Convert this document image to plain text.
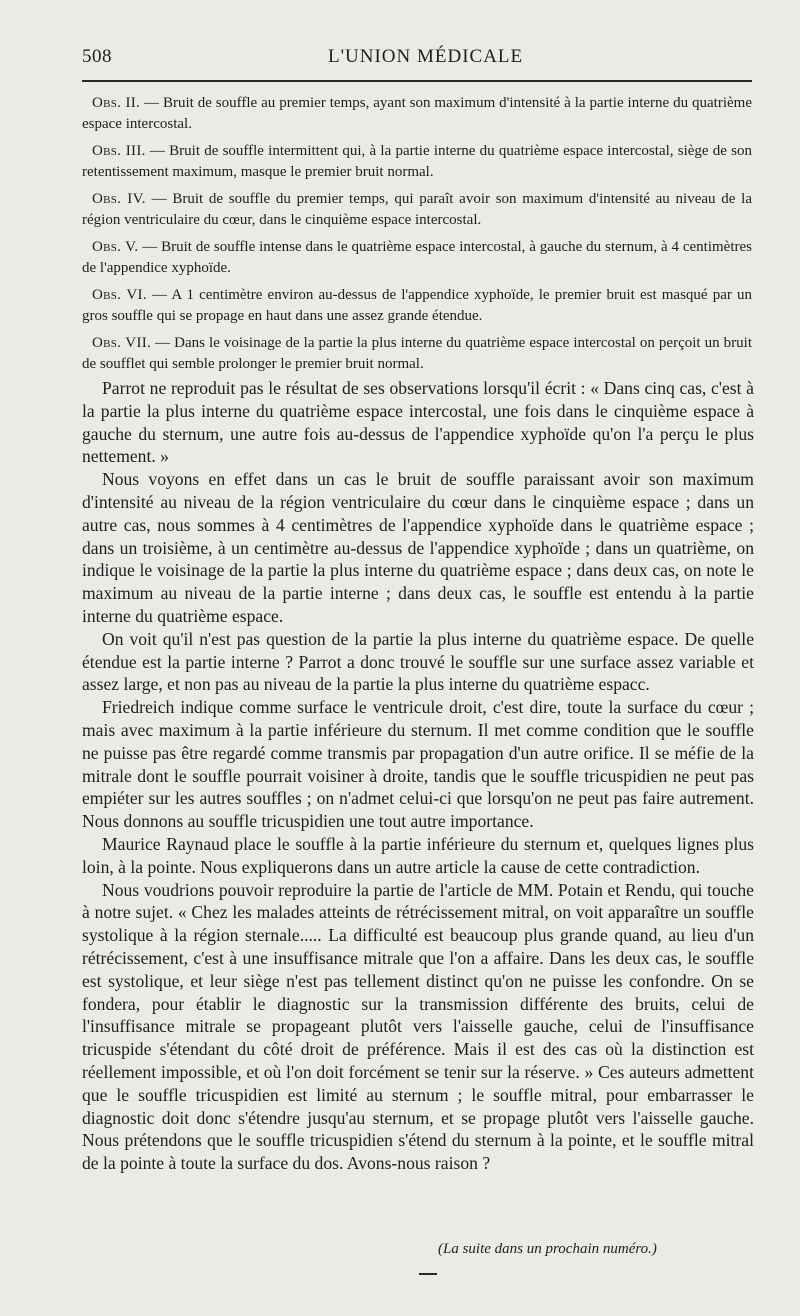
508	L'UNION MÉDICALE

Obs. II. — Bruit de souffle au premier temps, ayant son maximum d'intensité à la partie interne du quatrième espace intercostal.

Obs. III. — Bruit de souffle intermittent qui, à la partie interne du quatrième espace intercostal, siège de son retentissement maximum, masque le premier bruit normal.

Obs. IV. — Bruit de souffle du premier temps, qui paraît avoir son maximum d'intensité au niveau de la région ventriculaire du cœur, dans le cinquième espace intercostal.

Obs. V. — Bruit de souffle intense dans le quatrième espace intercostal, à gauche du sternum, à 4 centimètres de l'appendice xyphoïde.

Obs. VI. — A 1 centimètre environ au-dessus de l'appendice xyphoïde, le premier bruit est masqué par un gros souffle qui se propage en haut dans une assez grande étendue.

Obs. VII. — Dans le voisinage de la partie la plus interne du quatrième espace intercostal on perçoit un bruit de soufflet qui semble prolonger le premier bruit normal.

Parrot ne reproduit pas le résultat de ses observations lorsqu'il écrit : « Dans cinq cas, c'est à la partie la plus interne du quatrième espace intercostal, une fois dans le cinquième espace à gauche du sternum, une autre fois au-dessus de l'appendice xyphoïde qu'on l'a perçu le plus nettement. »

Nous voyons en effet dans un cas le bruit de souffle paraissant avoir son maximum d'intensité au niveau de la région ventriculaire du cœur dans le cinquième espace ; dans un autre cas, nous sommes à 4 centimètres de l'appendice xyphoïde dans le quatrième espace ; dans un troisième, à un centimètre au-dessus de l'appendice xyphoïde ; dans un quatrième, on indique le voisinage de la partie la plus interne du quatrième espace ; dans deux cas, on note le maximum au niveau de la partie interne ; dans deux cas, le souffle est entendu à la partie interne du quatrième espace.

On voit qu'il n'est pas question de la partie la plus interne du quatrième espace. De quelle étendue est la partie interne ? Parrot a donc trouvé le souffle sur une surface assez variable et assez large, et non pas au niveau de la partie la plus interne du quatrième espacc.

Friedreich indique comme surface le ventricule droit, c'est dire, toute la surface du cœur ; mais avec maximum à la partie inférieure du sternum. Il met comme condition que le souffle ne puisse pas être regardé comme transmis par propagation d'un autre orifice. Il se méfie de la mitrale dont le souffle pourrait voisiner à droite, tandis que le souffle tricuspidien ne peut pas empiéter sur les autres souffles ; on n'admet celui-ci que lorsqu'on ne peut pas faire autrement. Nous donnons au souffle tricuspidien une tout autre importance.

Maurice Raynaud place le souffle à la partie inférieure du sternum et, quelques lignes plus loin, à la pointe. Nous expliquerons dans un autre article la cause de cette contradiction.

Nous voudrions pouvoir reproduire la partie de l'article de MM. Potain et Rendu, qui touche à notre sujet. « Chez les malades atteints de rétrécissement mitral, on voit apparaître un souffle systolique à la région sternale..... La difficulté est beaucoup plus grande quand, au lieu d'un rétrécissement, c'est à une insuffisance mitrale que l'on a affaire. Dans les deux cas, le souffle est systolique, et leur siège n'est pas tellement distinct qu'on ne puisse les confondre. On se fondera, pour établir le diagnostic sur la transmission différente des bruits, celui de l'insuffisance mitrale se propageant plutôt vers l'aisselle gauche, celui de l'insuffisance tricuspide s'étendant du côté droit de préférence. Mais il est des cas où la distinction est réellement impossible, et où l'on doit forcément se tenir sur la réserve. » Ces auteurs admettent que le souffle tricuspidien est limité au sternum ; le souffle mitral, pour embarrasser le diagnostic doit donc s'étendre jusqu'au sternum, et se propage plutôt vers l'aisselle gauche. Nous prétendons que le souffle tricuspidien s'étend du sternum à la pointe, et le souffle mitral de la pointe à toute la surface du dos. Avons-nous raison ?

(La suite dans un prochain numéro.)
